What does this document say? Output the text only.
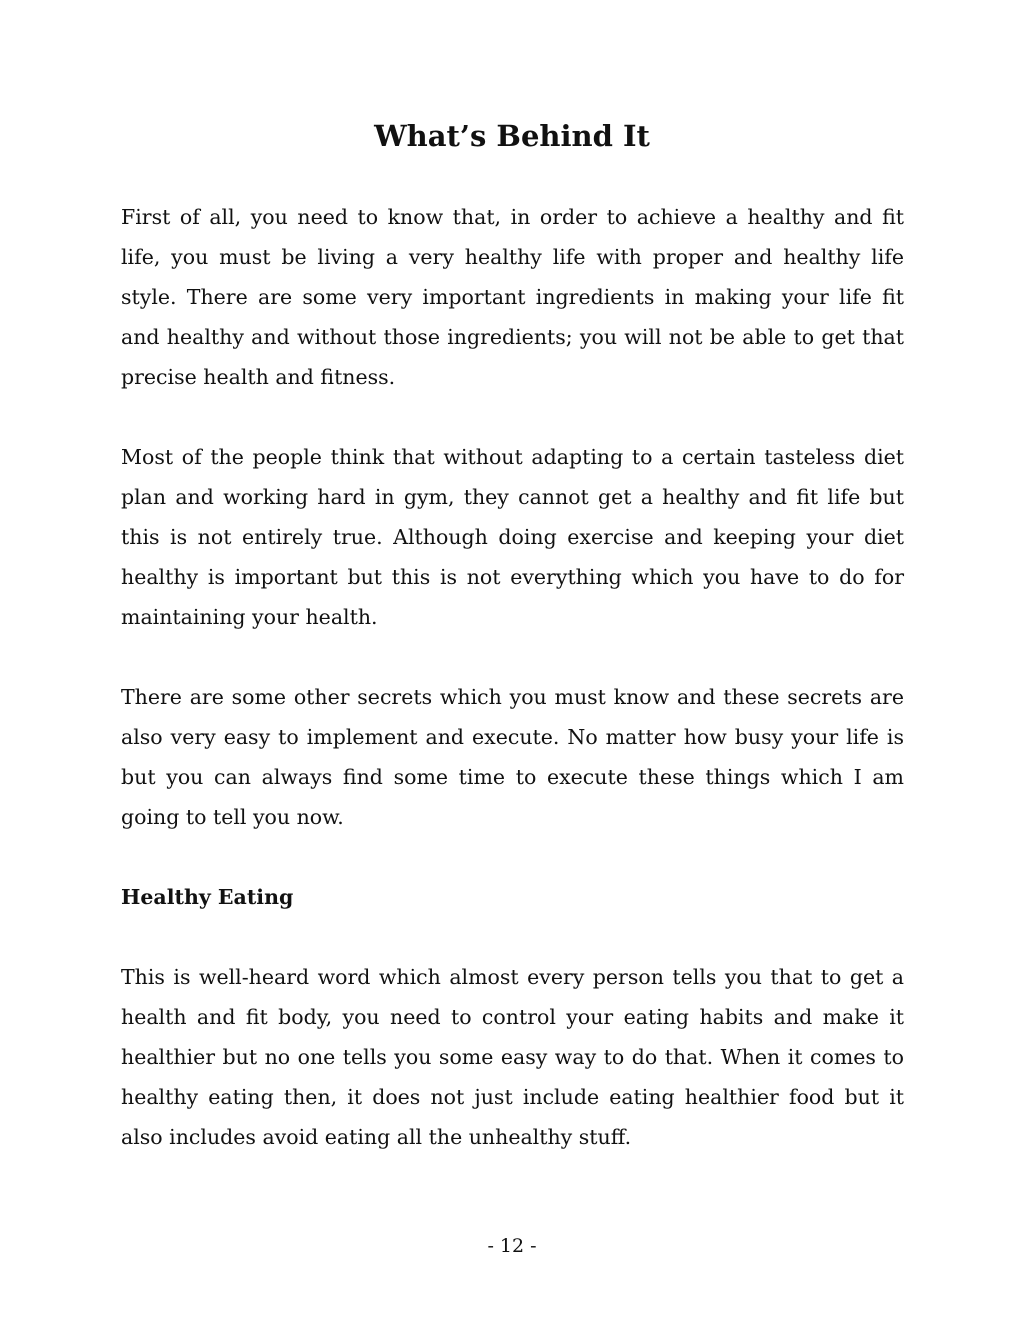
What’s Behind It

First of all, you need to know that, in order to achieve a healthy and fit life, you must be living a very healthy life with proper and healthy life style. There are some very important ingredients in making your life fit and healthy and without those ingredients; you will not be able to get that precise health and fitness.

Most of the people think that without adapting to a certain tasteless diet plan and working hard in gym, they cannot get a healthy and fit life but this is not entirely true. Although doing exercise and keeping your diet healthy is important but this is not everything which you have to do for maintaining your health.

There are some other secrets which you must know and these secrets are also very easy to implement and execute. No matter how busy your life is but you can always find some time to execute these things which I am going to tell you now.

Healthy Eating

This is well-heard word which almost every person tells you that to get a health and fit body, you need to control your eating habits and make it healthier but no one tells you some easy way to do that. When it comes to healthy eating then, it does not just include eating healthier food but it also includes avoid eating all the unhealthy stuff.

- 12 -
